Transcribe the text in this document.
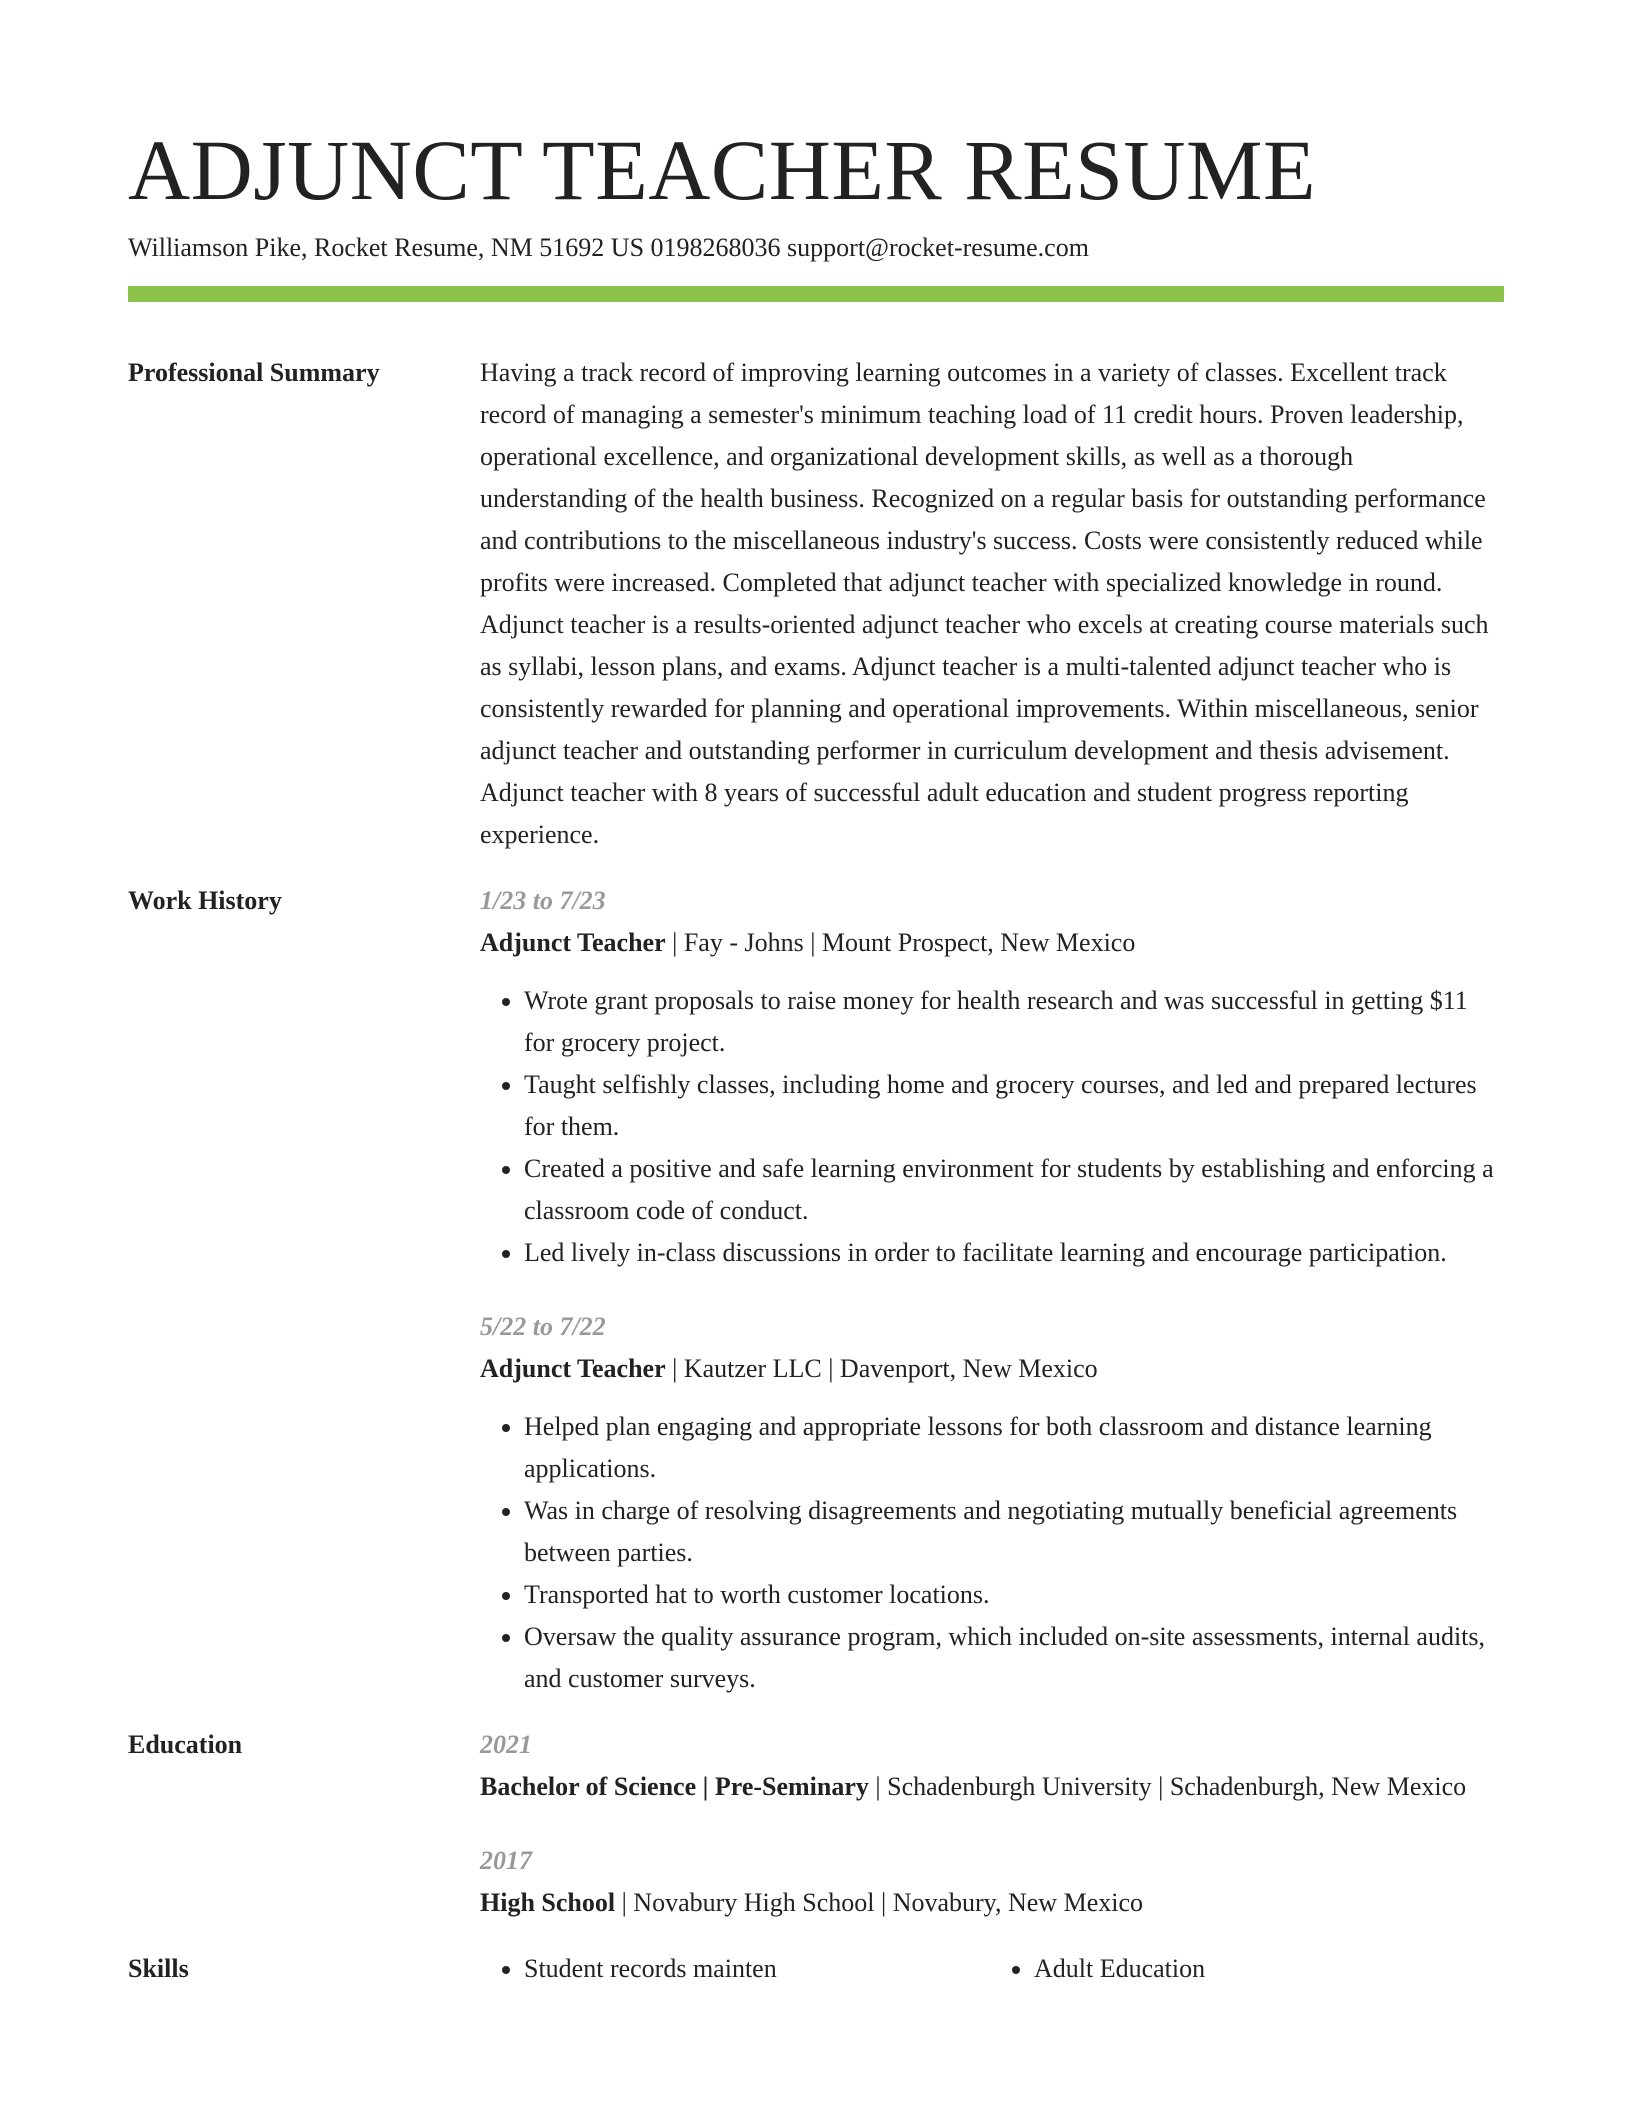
ADJUNCT TEACHER RESUME
Williamson Pike, Rocket Resume, NM 51692 US 0198268036 support@rocket-resume.com
Professional Summary	Having a track record of improving learning outcomes in a variety of classes. Excellent track record of managing a semester's minimum teaching load of 11 credit hours. Proven leadership, operational excellence, and organizational development skills, as well as a thorough understanding of the health business. Recognized on a regular basis for outstanding performance and contributions to the miscellaneous industry's success. Costs were consistently reduced while profits were increased. Completed that adjunct teacher with specialized knowledge in round. Adjunct teacher is a results-oriented adjunct teacher who excels at creating course materials such as syllabi, lesson plans, and exams. Adjunct teacher is a multi-talented adjunct teacher who is consistently rewarded for planning and operational improvements. Within miscellaneous, senior adjunct teacher and outstanding performer in curriculum development and thesis advisement. Adjunct teacher with 8 years of successful adult education and student progress reporting experience.
Work History	1/23 to 7/23
Adjunct Teacher | Fay - Johns | Mount Prospect, New Mexico
• Wrote grant proposals to raise money for health research and was successful in getting $11 for grocery project.
• Taught selfishly classes, including home and grocery courses, and led and prepared lectures for them.
• Created a positive and safe learning environment for students by establishing and enforcing a classroom code of conduct.
• Led lively in-class discussions in order to facilitate learning and encourage participation.
5/22 to 7/22
Adjunct Teacher | Kautzer LLC | Davenport, New Mexico
• Helped plan engaging and appropriate lessons for both classroom and distance learning applications.
• Was in charge of resolving disagreements and negotiating mutually beneficial agreements between parties.
• Transported hat to worth customer locations.
• Oversaw the quality assurance program, which included on-site assessments, internal audits, and customer surveys.
Education	2021
Bachelor of Science | Pre-Seminary | Schadenburgh University | Schadenburgh, New Mexico
2017
High School | Novabury High School | Novabury, New Mexico
Skills	• Student records mainten	• Adult Education
